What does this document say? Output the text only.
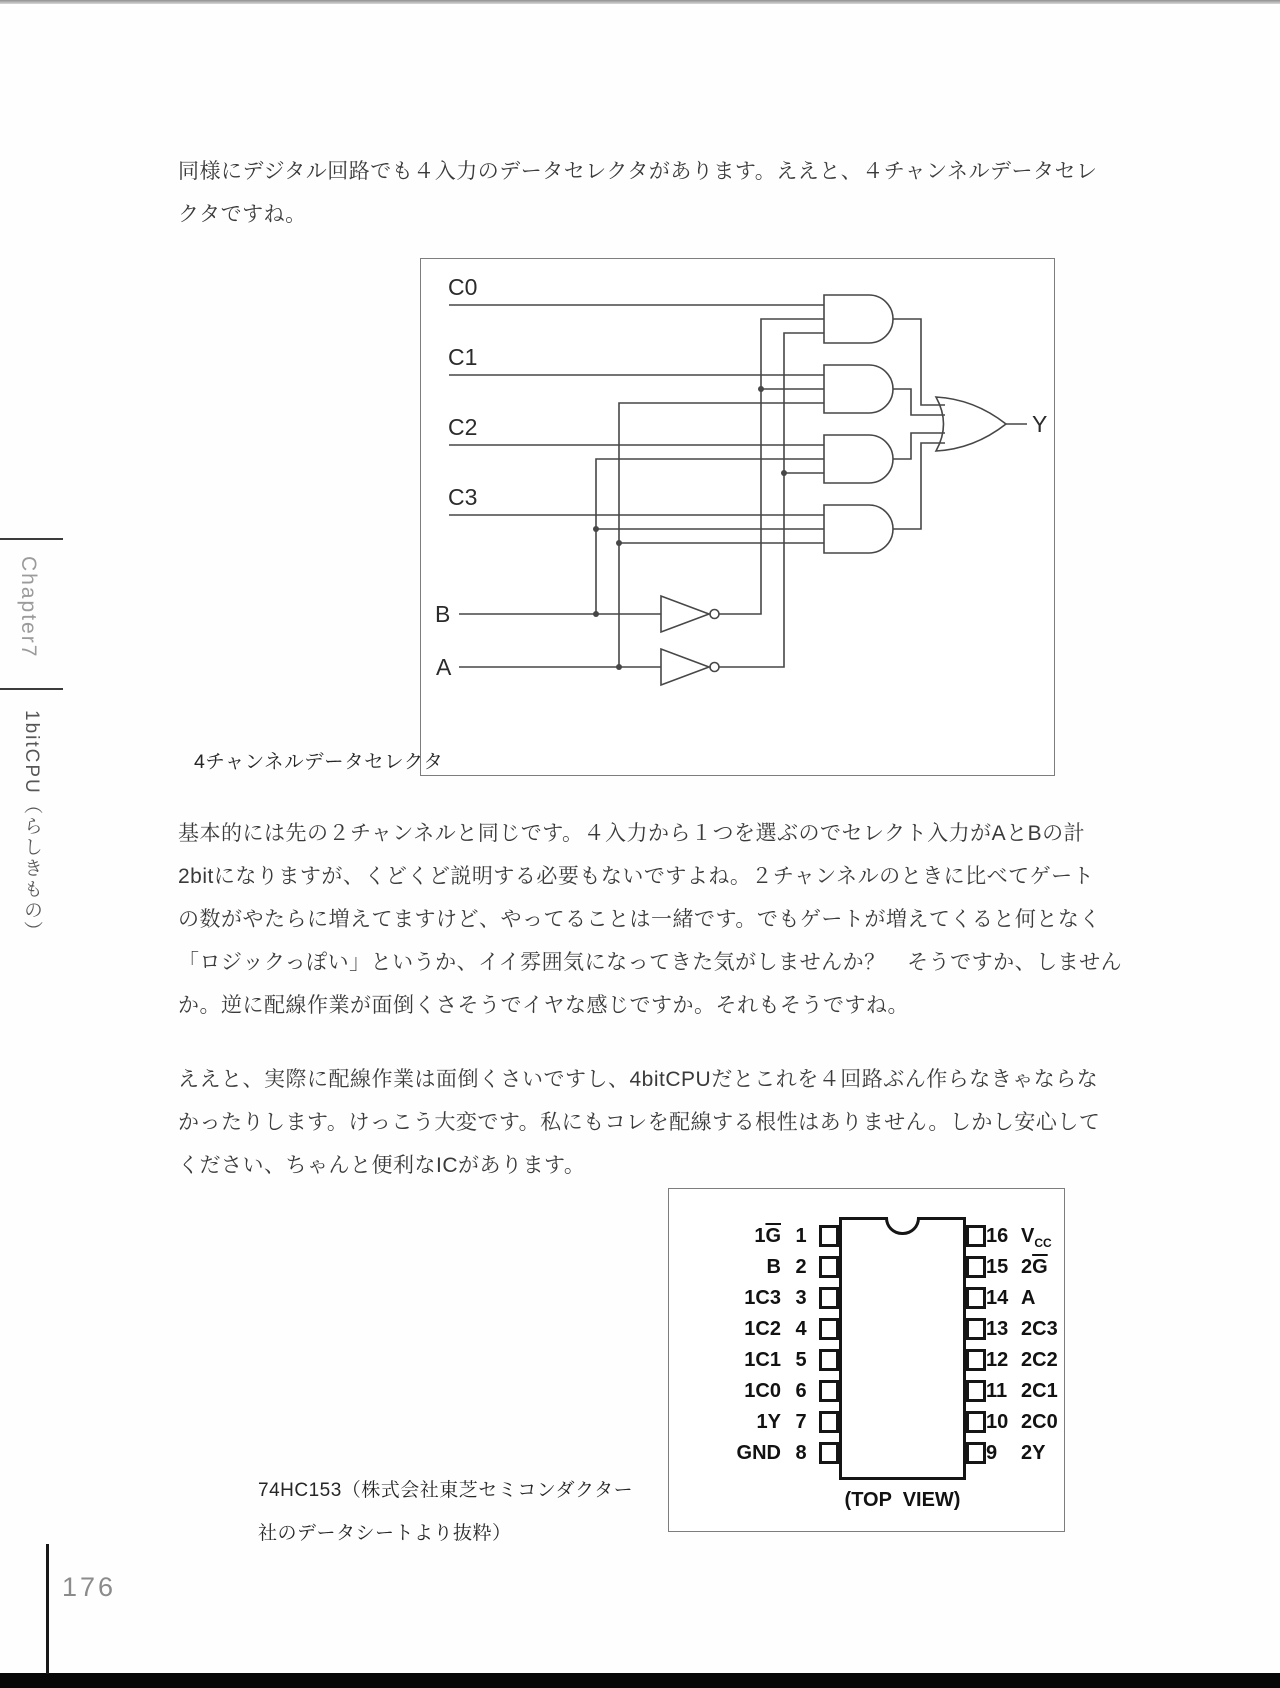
Chapter7
1bitCPU（らしきもの）
同様にデジタル回路でも４入力のデータセレクタがあります。ええと、４チャンネルデータセレ
クタですね。
C0
C1
C2
C3
B
A
Y
4チャンネルデータセレクタ
基本的には先の２チャンネルと同じです。４入力から１つを選ぶのでセレクト入力がAとBの計
2bitになりますが、くどくど説明する必要もないですよね。２チャンネルのときに比べてゲート
の数がやたらに増えてますけど、やってることは一緒です。でもゲートが増えてくると何となく
「ロジックっぽい」というか、イイ雰囲気になってきた気がしませんか？　そうですか、しません
か。逆に配線作業が面倒くさそうでイヤな感じですか。それもそうですね。
ええと、実際に配線作業は面倒くさいですし、4bitCPUだとこれを４回路ぶん作らなきゃならな
かったりします。けっこう大変です。私にもコレを配線する根性はありません。しかし安心して
ください、ちゃんと便利なICがあります。
(TOP  VIEW)
1
$1\overline{G}$
2
B
3
1C3
4
1C2
5
1C1
6
1C0
7
1Y
8
GND
16 $V_{CC}$
15 $2\overline{G}$
14 A
13 2C3
12 2C2
11 2C1
10 2C0
9	2Y
74HC153（株式会社東芝セミコンダクター
社のデータシートより抜粋）
176
